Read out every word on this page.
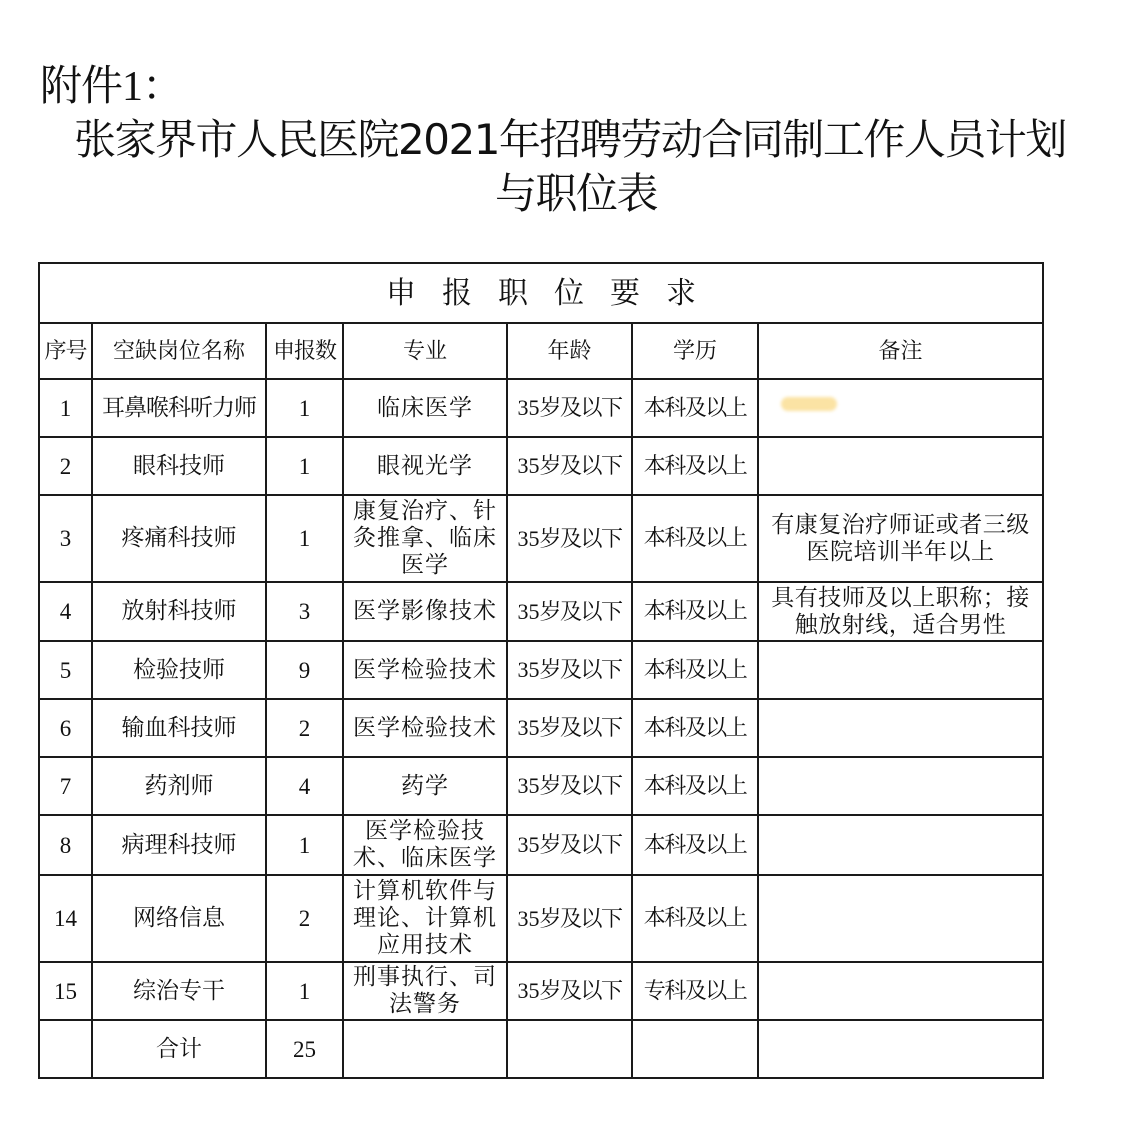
附件1：
张家界市人民医院2021年招聘劳动合同制工作人员计划
与职位表
申报职位要求						
序号	空缺岗位名称	申报数	专业	年龄	学历	备注
1	耳鼻喉科听力师	1	临床医学	35岁及以下	本科及以上	
2	眼科技师	1	眼视光学	35岁及以下	本科及以上	
3	疼痛科技师	1	康复治疗、针灸推拿、临床医学	35岁及以下	本科及以上	有康复治疗师证或者三级医院培训半年以上
4	放射科技师	3	医学影像技术	35岁及以下	本科及以上	具有技师及以上职称；接触放射线，适合男性
5	检验技师	9	医学检验技术	35岁及以下	本科及以上	
6	输血科技师	2	医学检验技术	35岁及以下	本科及以上	
7	药剂师	4	药学	35岁及以下	本科及以上	
8	病理科技师	1	医学检验技术、临床医学	35岁及以下	本科及以上	
14	网络信息	2	计算机软件与理论、计算机应用技术	35岁及以下	本科及以上	
15	综治专干	1	刑事执行、司法警务	35岁及以下	专科及以上	
	合计	25				
